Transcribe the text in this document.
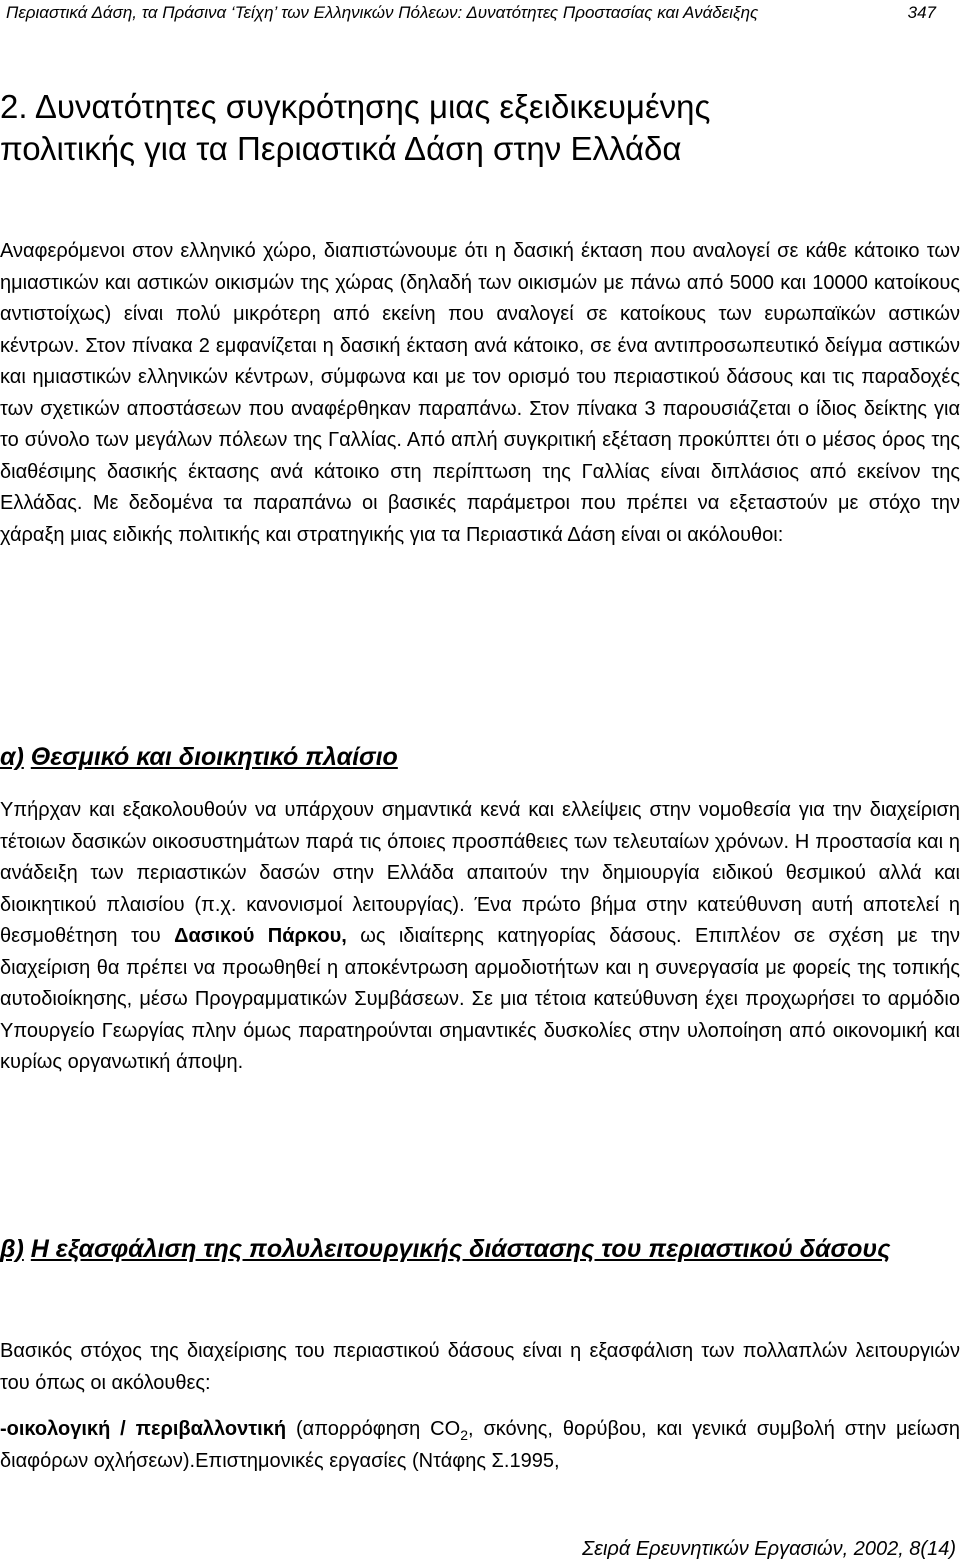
Περιαστικά Δάση, τα Πράσινα ‘Τείχη’ των Ελληνικών Πόλεων: Δυνατότητες Προστασίας και Ανάδειξης	347
2. Δυνατότητες συγκρότησης μιας εξειδικευμένης
πολιτικής για τα Περιαστικά Δάση στην Ελλάδα

Αναφερόμενοι στον ελληνικό χώρο, διαπιστώνουμε ότι η δασική έκταση που αναλογεί σε κάθε κάτοικο των ημιαστικών και αστικών οικισμών της χώρας (δηλαδή των οικισμών με πάνω από 5000 και 10000 κατοίκους αντιστοίχως) είναι πολύ μικρότερη από εκείνη που αναλογεί σε κατοίκους των ευρωπαϊκών αστικών κέντρων. Στον πίνακα 2 εμφανίζεται η δασική έκταση ανά κάτοικο, σε ένα αντιπροσωπευτικό δείγμα αστικών και ημιαστικών ελληνικών κέντρων, σύμφωνα και με τον ορισμό του περιαστικού δάσους και τις παραδοχές των σχετικών αποστάσεων που αναφέρθηκαν παραπάνω. Στον πίνακα 3 παρουσιάζεται ο ίδιος δείκτης για το σύνολο των μεγάλων πόλεων της Γαλλίας. Από απλή συγκριτική εξέταση προκύπτει ότι ο μέσος όρος της διαθέσιμης δασικής έκτασης ανά κάτοικο στη περίπτωση της Γαλλίας είναι διπλάσιος από εκείνον της Ελλάδας. Με δεδομένα τα παραπάνω οι βασικές παράμετροι που πρέπει να εξεταστούν με στόχο την χάραξη μιας ειδικής πολιτικής και στρατηγικής για τα Περιαστικά Δάση είναι οι ακόλουθοι:

α) Θεσμικό και διοικητικό πλαίσιο

Υπήρχαν και εξακολουθούν να υπάρχουν σημαντικά κενά και ελλείψεις στην νομοθεσία για την διαχείριση τέτοιων δασικών οικοσυστημάτων παρά τις όποιες προσπάθειες των τελευταίων χρόνων. Η προστασία και η ανάδειξη των περιαστικών δασών στην Ελλάδα απαιτούν την δημιουργία ειδικού θεσμικού αλλά και διοικητικού πλαισίου (π.χ. κανονισμοί λειτουργίας). Ένα πρώτο βήμα στην κατεύθυνση αυτή αποτελεί η θεσμοθέτηση του Δασικού Πάρκου, ως ιδιαίτερης κατηγορίας δάσους. Επιπλέον σε σχέση με την διαχείριση θα πρέπει να προωθηθεί η αποκέντρωση αρμοδιοτήτων και η συνεργασία με φορείς της τοπικής αυτοδιοίκησης, μέσω Προγραμματικών Συμβάσεων. Σε μια τέτοια κατεύθυνση έχει προχωρήσει το αρμόδιο Υπουργείο Γεωργίας πλην όμως παρατηρούνται σημαντικές δυσκολίες στην υλοποίηση από οικονομική και κυρίως οργανωτική άποψη.

β) Η εξασφάλιση της πολυλειτουργικής διάστασης του περιαστικού δάσους

Βασικός στόχος της διαχείρισης του περιαστικού δάσους είναι η εξασφάλιση των πολλαπλών λειτουργιών του όπως οι ακόλουθες:

-οικολογική / περιβαλλοντική (απορρόφηση $CO_2$, σκόνης, θορύβου, και γενικά συμβολή στην μείωση διαφόρων οχλήσεων).Επιστημονικές εργασίες (Ντάφης Σ.1995,

Σειρά Ερευνητικών Εργασιών, 2002, 8(14)
